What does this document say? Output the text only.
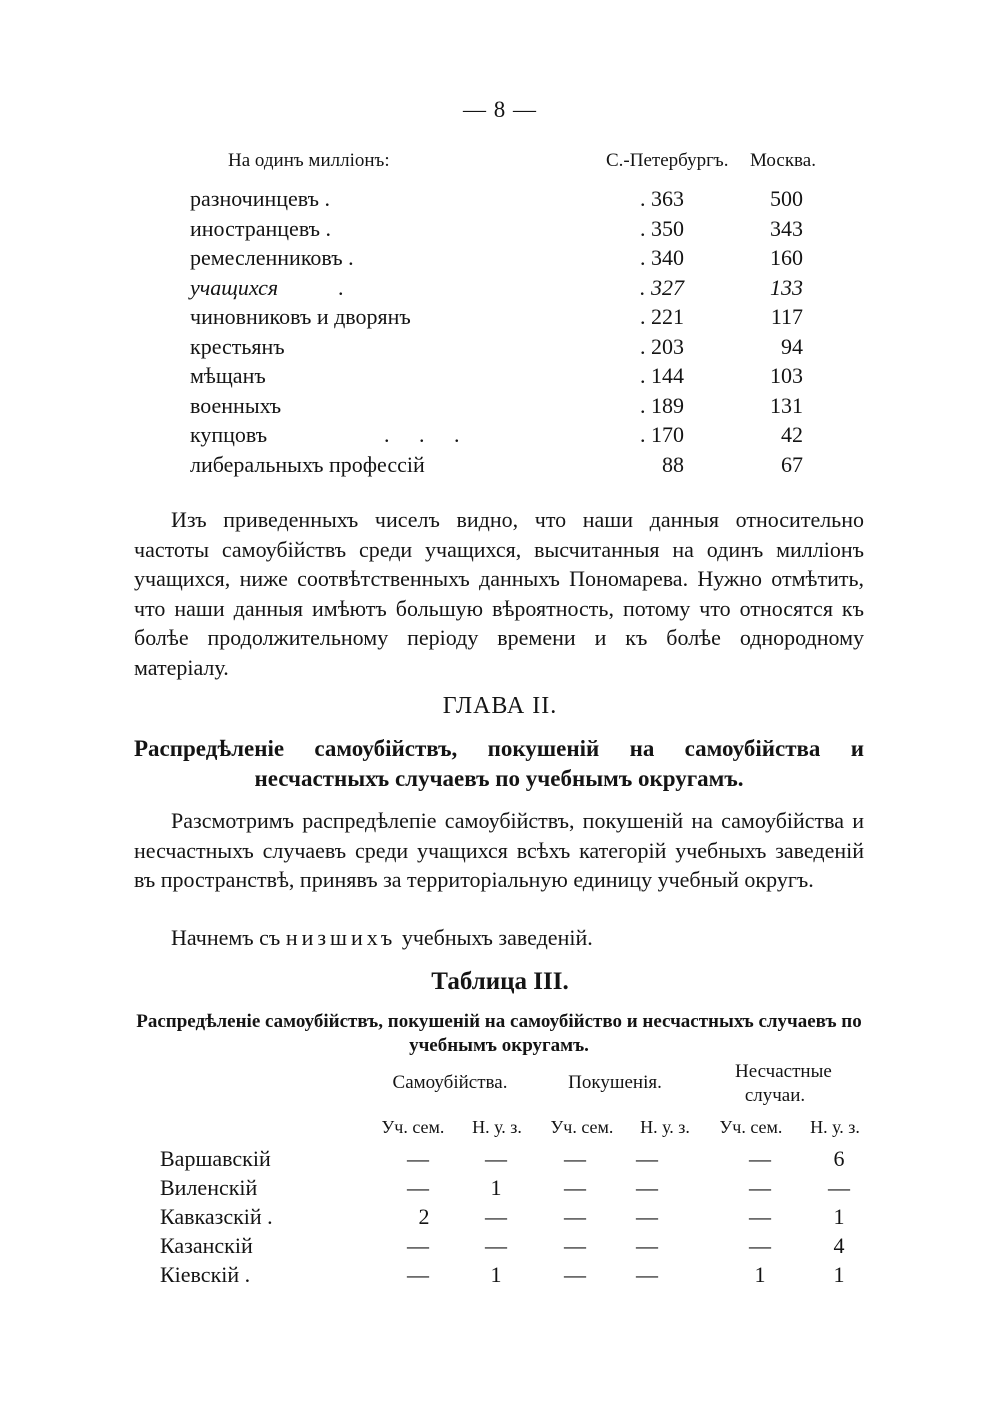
— 8 —
На одинъ милліонъ:	С.-Петербургъ. Москва.
разночинцевъ .	. 363	500
иностранцевъ .	. 350	343
ремесленниковъ .	. 340	160
учащихся	.	. 327	133
чиновниковъ и дворянъ	. 221	117
крестьянъ	. 203	94
мѣщанъ	. 144	103
военныхъ	. 189	131
купцовъ	. . .	. 170	42
либеральныхъ профессій	88	67

Изъ приведенныхъ чиселъ видно, что наши данныя относительно частоты самоубійствъ среди учащихся, высчитанныя на одинъ милліонъ учащихся, ниже соотвѣтственныхъ данныхъ Пономарева. Нужно отмѣтить, что наши данныя имѣютъ большую вѣроятность, потому что относятся къ болѣе продолжительному періоду времени и къ болѣе однородному матеріалу.

ГЛАВА II.
Распредѣленіе самоубійствъ, покушеній на самоубійства и несчастныхъ случаевъ по учебнымъ округамъ.

Разсмотримъ распредѣлепіе самоубійствъ, покушеній на самоубійства и несчастныхъ случаевъ среди учащихся всѣхъ категорій учебныхъ заведеній въ пространствѣ, принявъ за территоріальную единицу учебный округъ.

Начнемъ съ низшихъ учебныхъ заведеній.

Таблица III.
Распредѣленіе самоубійствъ, покушеній на самоубійство и несчастныхъ случаевъ по учебнымъ округамъ.
Самоубійства.	Покушенія.
Несчастные случаи.
Уч. сем.	Н. у. з.	Уч. сем.	Н. у. з.	Уч. сем.	Н. у. з.
Варшавскій	—	—	—	—	—	6
Виленскій	—	1	—	—	—	—
Кавказскій .	2	—	—	—	—	1
Казанскій	—	—	—	—	—	4
Кіевскій .	—	1	—	—	1	1
